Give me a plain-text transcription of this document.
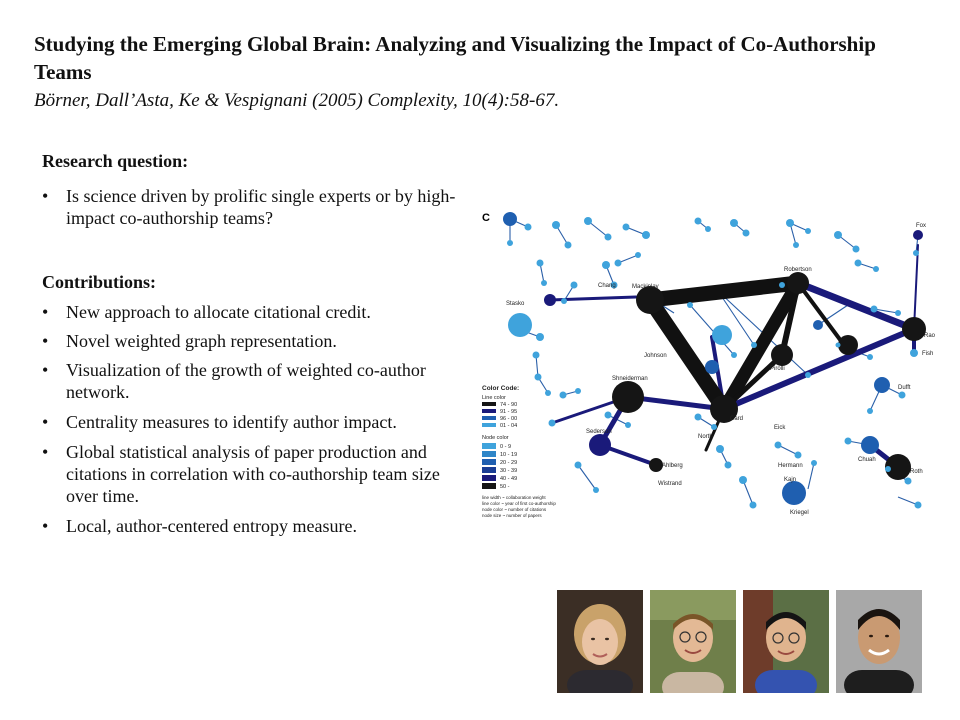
Studying the Emerging Global Brain: Analyzing and Visualizing the Impact of Co-Authorship Teams
Börner, Dall’Asta, Ke & Vespignani (2005) Complexity, 10(4):58-67.
Research question:
• Is science driven by prolific single experts or by high-impact co-authorship teams?
Contributions:
• New approach to allocate citational credit.
• Novel weighted graph representation.
• Visualization of the growth of weighted co-author network.
• Centrality measures to identify author impact.
• Global statistical analysis of paper production and citations in correlation with co-authorship team size over time.
• Local, author-centered entropy measure.
C
Mackinlay
Robertson
Card
Pirolli
Rao
Shneiderman
Chang
Stasko
Johnson
Sederson
North
Ahlberg
Wistrand
Hermann
Kajn
Kriegel
Chuah
Roth
Dufft
Fox
Eick
Fish
Color Code:
Line color
74 - 90
91 - 95
96 - 00
01 - 04
Node color
0 - 9
10 - 19
20 - 29
30 - 39
40 - 49
50 -
line width ~ collaboration weight
line color ~ year of first co-authorship
node color ~ number of citations
node size ~ number of papers
